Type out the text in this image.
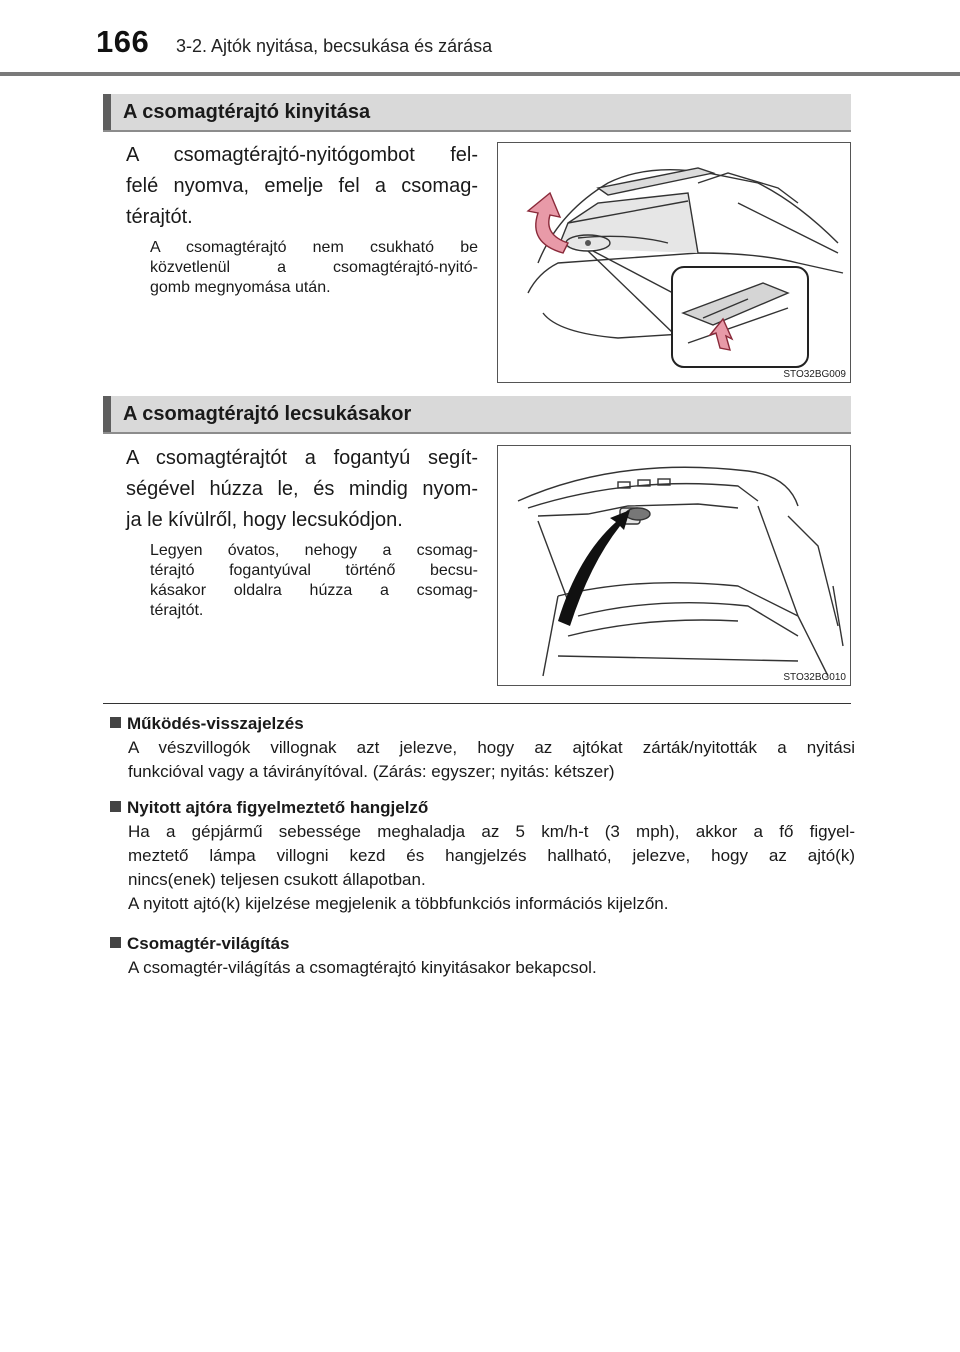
166 3-2. Ajtók nyitása, becsukása és zárása
A csomagtérajtó kinyitása
A csomagtérajtó-nyitógombot fel-
felé nyomva, emelje fel a csomag-
térajtót.
A csomagtérajtó nem csukható be
közvetlenül a csomagtérajtó-nyitó-
gomb megnyomása után.
STO32BG009
A csomagtérajtó lecsukásakor
A csomagtérajtót a fogantyú segít-
ségével húzza le, és mindig nyom-
ja le kívülről, hogy lecsukódjon.
Legyen óvatos, nehogy a csomag-
térajtó fogantyúval történő becsu-
kásakor oldalra húzza a csomag-
térajtót.
STO32BG010
Működés-visszajelzés
A vészvillogók villognak azt jelezve, hogy az ajtókat zárták/nyitották a nyitási
funkcióval vagy a távirányítóval. (Zárás: egyszer; nyitás: kétszer)
Nyitott ajtóra figyelmeztető hangjelző
Ha a gépjármű sebessége meghaladja az 5 km/h-t (3 mph), akkor a fő figyel-
meztető lámpa villogni kezd és hangjelzés hallható, jelezve, hogy az ajtó(k)
nincs(enek) teljesen csukott állapotban.
A nyitott ajtó(k) kijelzése megjelenik a többfunkciós információs kijelzőn.
Csomagtér-világítás
A csomagtér-világítás a csomagtérajtó kinyitásakor bekapcsol.
